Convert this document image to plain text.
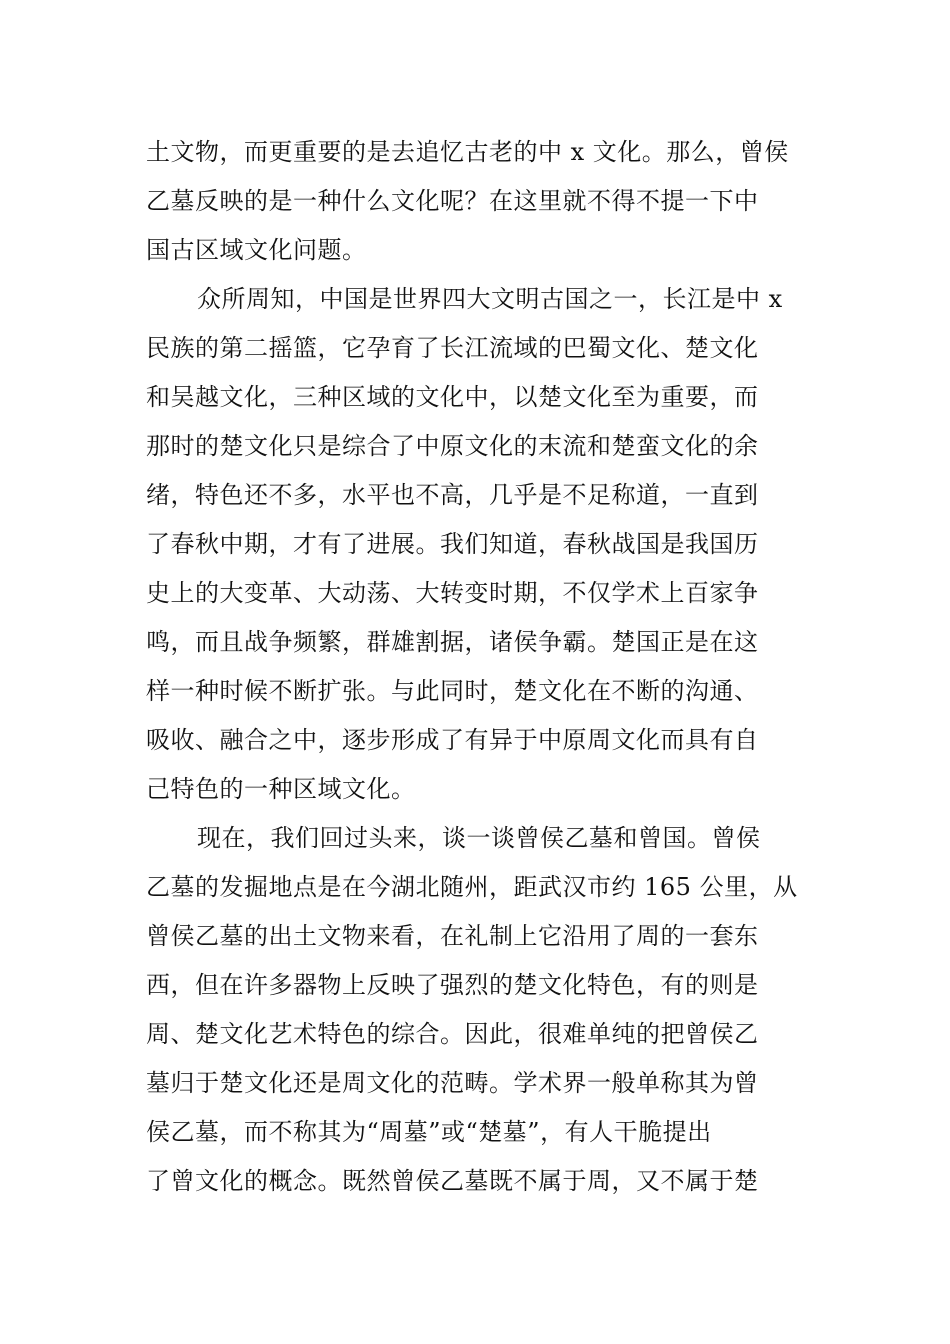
土文物，而更重要的是去追忆古老的中 x 文化。那么，曾侯
乙墓反映的是一种什么文化呢？在这里就不得不提一下中
国古区域文化问题。
众所周知，中国是世界四大文明古国之一，长江是中 x
民族的第二摇篮，它孕育了长江流域的巴蜀文化、楚文化
和吴越文化，三种区域的文化中，以楚文化至为重要，而
那时的楚文化只是综合了中原文化的末流和楚蛮文化的余
绪，特色还不多，水平也不高，几乎是不足称道，一直到
了春秋中期，才有了进展。我们知道，春秋战国是我国历
史上的大变革、大动荡、大转变时期，不仅学术上百家争
鸣，而且战争频繁，群雄割据，诸侯争霸。楚国正是在这
样一种时候不断扩张。与此同时，楚文化在不断的沟通、
吸收、融合之中，逐步形成了有异于中原周文化而具有自
己特色的一种区域文化。
现在，我们回过头来，谈一谈曾侯乙墓和曾国。曾侯
乙墓的发掘地点是在今湖北随州，距武汉市约 165 公里，从
曾侯乙墓的出土文物来看，在礼制上它沿用了周的一套东
西，但在许多器物上反映了强烈的楚文化特色，有的则是
周、楚文化艺术特色的综合。因此，很难单纯的把曾侯乙
墓归于楚文化还是周文化的范畴。学术界一般单称其为曾
侯乙墓，而不称其为“周墓”或“楚墓”，有人干脆提出
了曾文化的概念。既然曾侯乙墓既不属于周，又不属于楚
